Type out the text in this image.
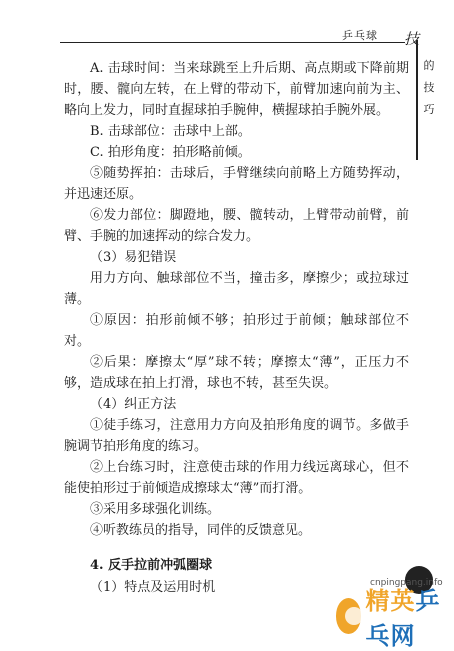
乒乓球 技
的
技
巧

A. 击球时间：当来球跳至上升后期、高点期或下降前期时，腰、髋向左转，在上臂的带动下，前臂加速向前为主、略向上发力，同时直握球拍手腕伸，横握球拍手腕外展。

B. 击球部位：击球中上部。

C. 拍形角度：拍形略前倾。

⑤随势挥拍：击球后，手臂继续向前略上方随势挥动，并迅速还原。

⑥发力部位：脚蹬地，腰、髋转动，上臂带动前臂，前臂、手腕的加速挥动的综合发力。

（3）易犯错误

用力方向、触球部位不当，撞击多，摩擦少；或拉球过薄。

①原因：拍形前倾不够；拍形过于前倾；触球部位不对。

②后果：摩擦太“厚”球不转；摩擦太“薄”，正压力不够，造成球在拍上打滑，球也不转，甚至失误。

（4）纠正方法

①徒手练习，注意用力方向及拍形角度的调节。多做手腕调节拍形角度的练习。

②上台练习时，注意使击球的作用力线远离球心，但不能使拍形过于前倾造成擦球太“薄”而打滑。

③采用多球强化训练。

④听教练员的指导，同伴的反馈意见。

4. 反手拉前冲弧圈球
（1）特点及运用时机	cnpingpang.info
精英乒乓网
